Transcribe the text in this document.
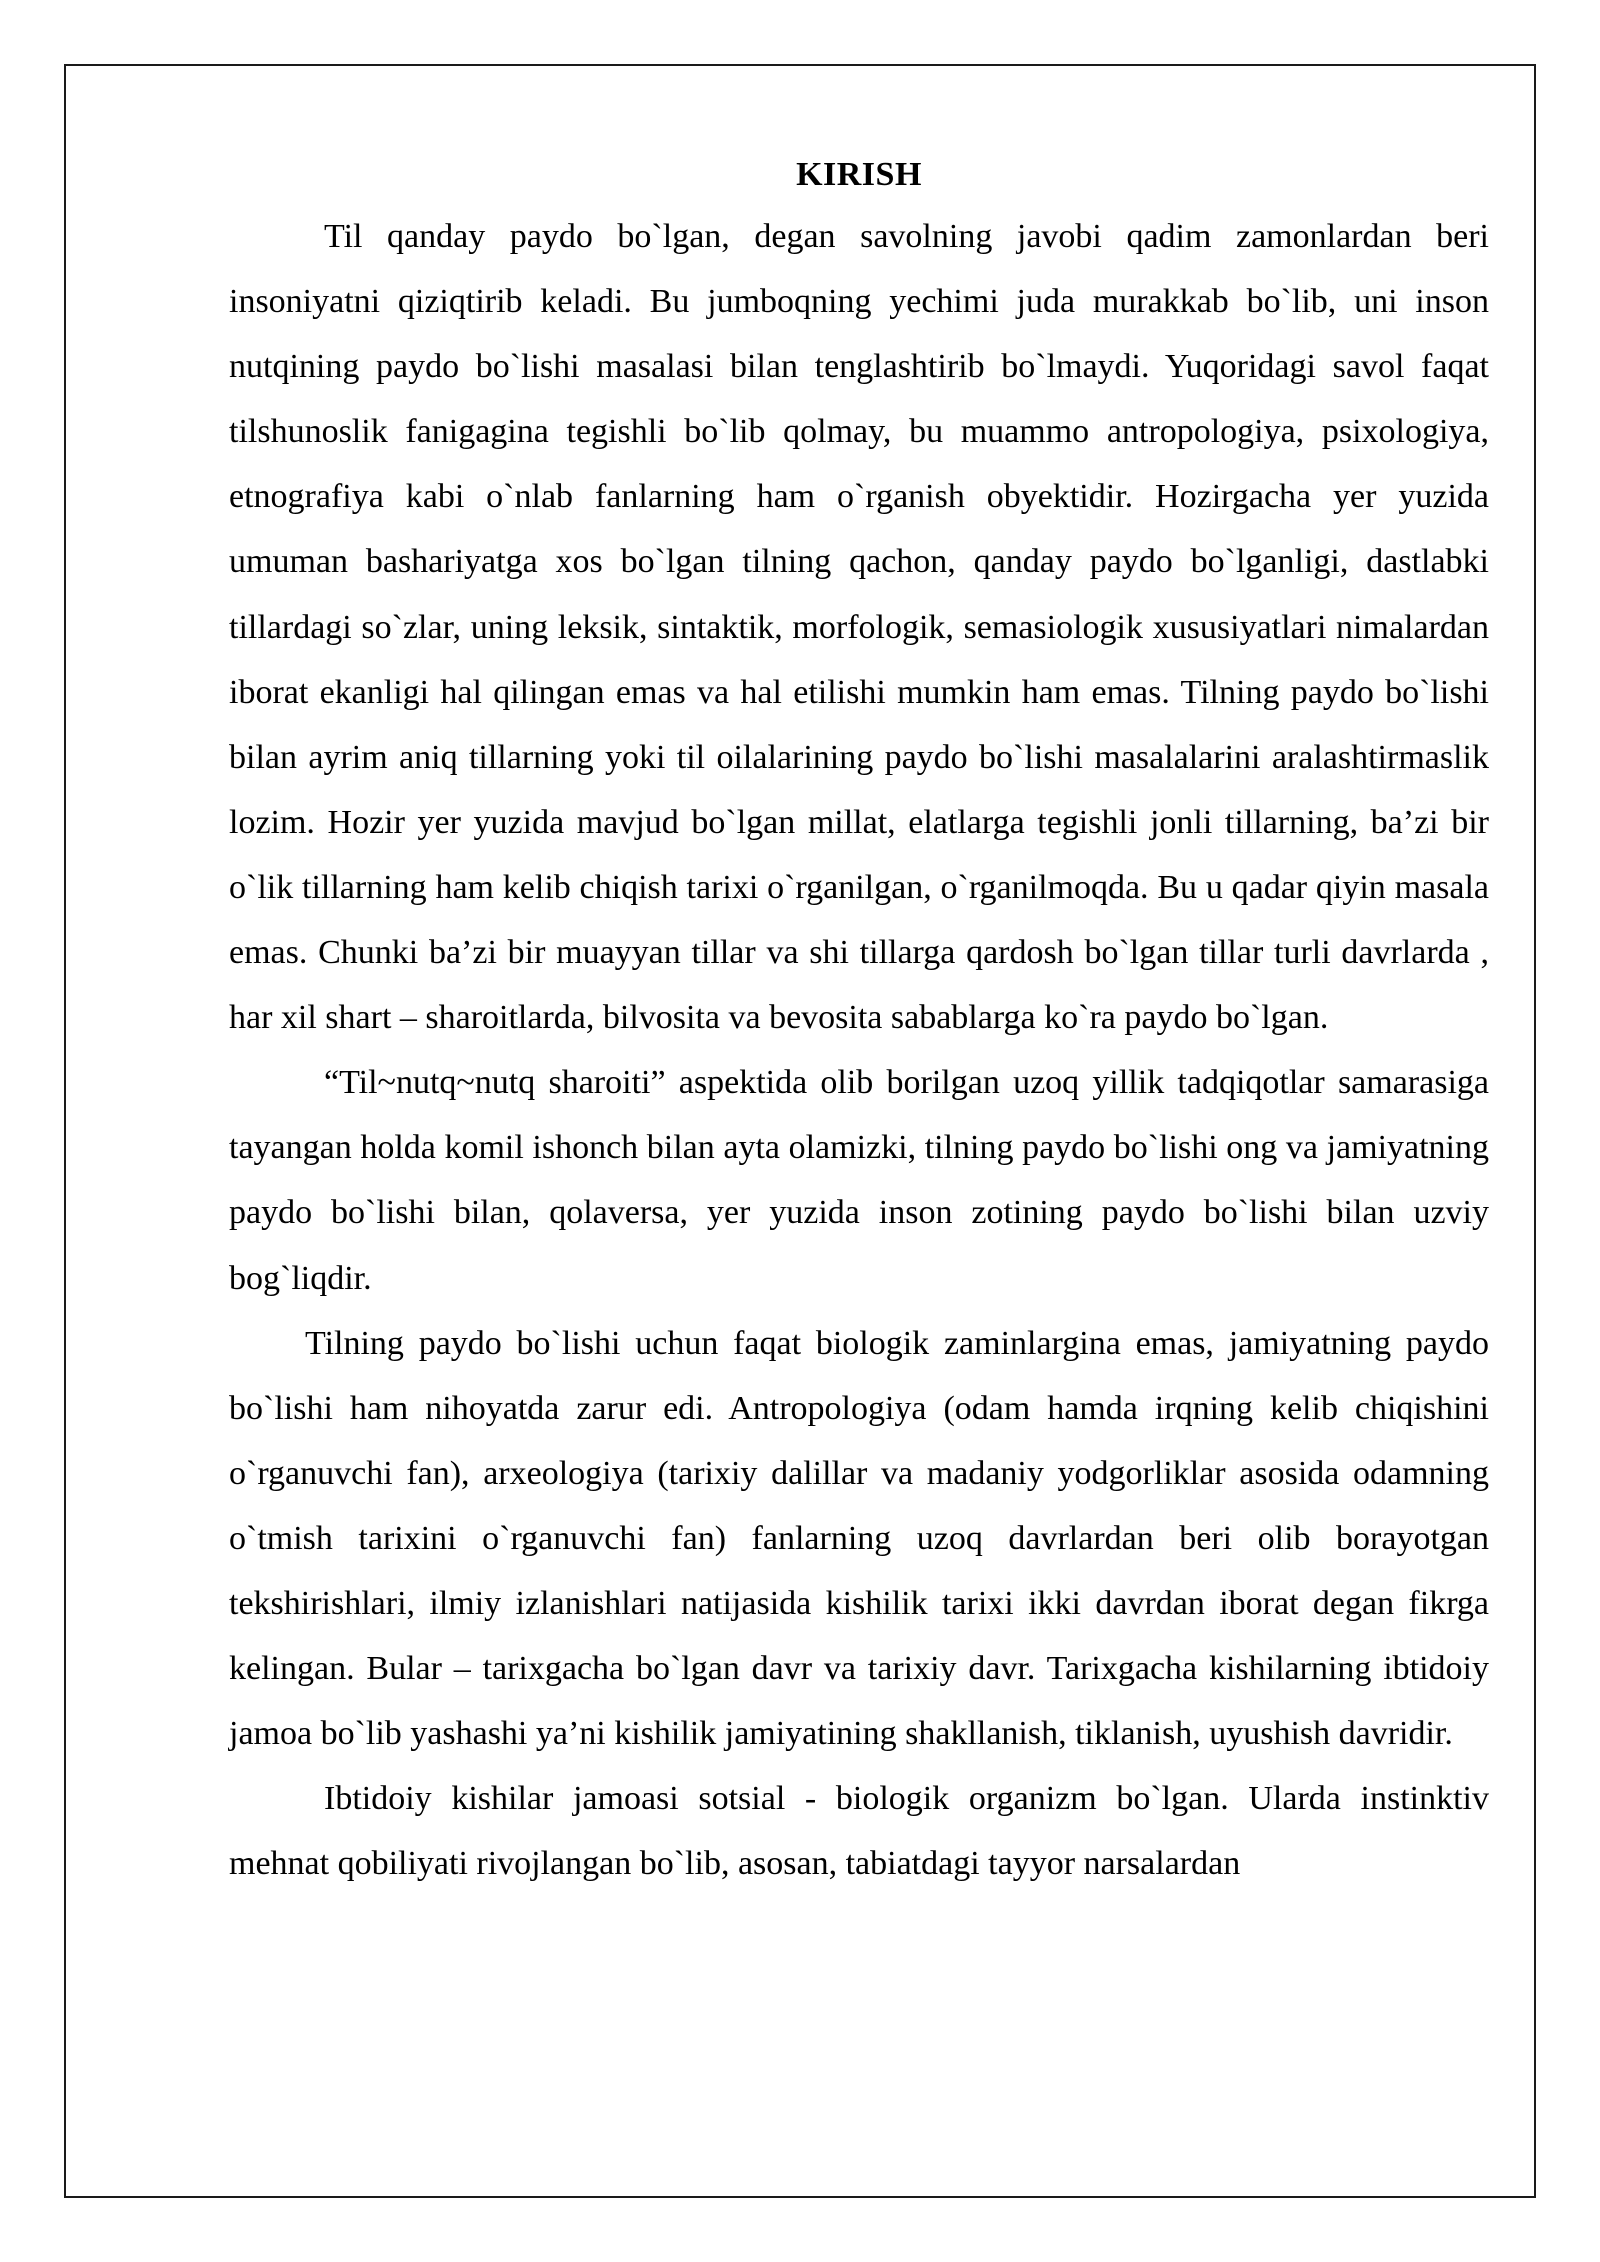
KIRISH

Til qanday paydo bo`lgan, degan savolning javobi qadim zamonlardan beri insoniyatni qiziqtirib keladi. Bu jumboqning yechimi juda murakkab bo`lib, uni inson nutqining paydo bo`lishi masalasi bilan tenglashtirib bo`lmaydi. Yuqoridagi savol faqat tilshunoslik fanigagina tegishli bo`lib qolmay, bu muammo antropologiya, psixologiya, etnografiya kabi o`nlab fanlarning ham o`rganish obyektidir. Hozirgacha yer yuzida umuman bashariyatga xos bo`lgan tilning qachon, qanday paydo bo`lganligi, dastlabki tillardagi so`zlar, uning leksik, sintaktik, morfologik, semasiologik xususiyatlari nimalardan iborat ekanligi hal qilingan emas va hal etilishi mumkin ham emas. Tilning paydo bo`lishi bilan ayrim aniq tillarning yoki til oilalarining paydo bo`lishi masalalarini aralashtirmaslik lozim. Hozir yer yuzida mavjud bo`lgan millat, elatlarga tegishli jonli tillarning, ba’zi bir o`lik tillarning ham kelib chiqish tarixi o`rganilgan, o`rganilmoqda. Bu u qadar qiyin masala emas. Chunki ba’zi bir muayyan tillar va shi tillarga qardosh bo`lgan tillar turli davrlarda , har xil shart – sharoitlarda, bilvosita va bevosita sabablarga ko`ra paydo bo`lgan.

“Til~nutq~nutq sharoiti” aspektida olib borilgan uzoq yillik tadqiqotlar samarasiga tayangan holda komil ishonch bilan ayta olamizki, tilning paydo bo`lishi ong va jamiyatning paydo bo`lishi bilan, qolaversa, yer yuzida inson zotining paydo bo`lishi bilan uzviy bog`liqdir.

Tilning paydo bo`lishi uchun faqat biologik zaminlargina emas, jamiyatning paydo bo`lishi ham nihoyatda zarur edi. Antropologiya (odam hamda irqning kelib chiqishini o`rganuvchi fan), arxeologiya (tarixiy dalillar va madaniy yodgorliklar asosida odamning o`tmish tarixini o`rganuvchi fan) fanlarning uzoq davrlardan beri olib borayotgan tekshirishlari, ilmiy izlanishlari natijasida kishilik tarixi ikki davrdan iborat degan fikrga kelingan. Bular – tarixgacha bo`lgan davr va tarixiy davr. Tarixgacha kishilarning ibtidoiy jamoa bo`lib yashashi ya’ni kishilik jamiyatining shakllanish, tiklanish, uyushish davridir.

Ibtidoiy kishilar jamoasi sotsial - biologik organizm bo`lgan. Ularda instinktiv mehnat qobiliyati rivojlangan bo`lib, asosan, tabiatdagi tayyor narsalardan
